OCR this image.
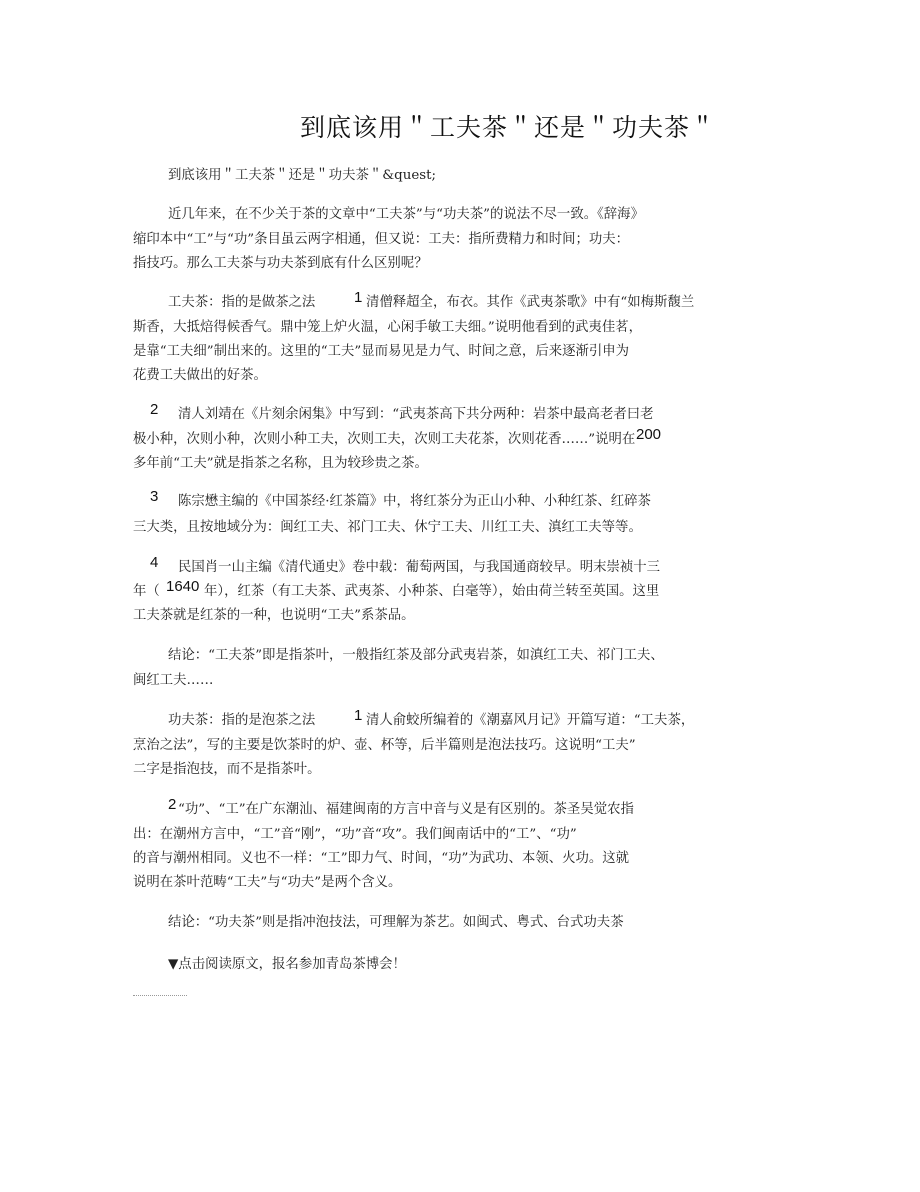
到底该用＂工夫茶＂还是＂功夫茶＂
到底该用＂工夫茶＂还是＂功夫茶＂&quest;
近几年来，在不少关于茶的文章中“工夫茶”与“功夫茶”的说法不尽一致。《辞海》
缩印本中“工”与“功”条目虽云两字相通，但又说：工夫：指所费精力和时间；功夫：
指技巧。那么工夫茶与功夫茶到底有什么区别呢？
工夫茶：指的是做茶之法	1 清僧释超全，布衣。其作《武夷茶歌》中有“如梅斯馥兰
斯香，大抵焙得候香气。鼎中笼上炉火温，心闲手敏工夫细。”说明他看到的武夷佳茗，
是靠“工夫细”制出来的。这里的“工夫”显而易见是力气、时间之意，后来逐渐引申为
花费工夫做出的好茶。
2 清人刘靖在《片刻余闲集》中写到：“武夷茶高下共分两种：岩茶中最高老者曰老
极小种，次则小种，次则小种工夫，次则工夫，次则工夫花茶，次则花香……”说明在 200
多年前“工夫”就是指茶之名称，且为较珍贵之茶。
3 陈宗懋主编的《中国茶经·红茶篇》中，将红茶分为正山小种、小种红茶、红碎茶
三大类，且按地域分为：闽红工夫、祁门工夫、休宁工夫、川红工夫、滇红工夫等等。
4 民国肖一山主编《清代通史》卷中载：葡萄两国，与我国通商较早。明末崇祯十三
年（ 1640 年），红茶（有工夫茶、武夷茶、小种茶、白毫等），始由荷兰转至英国。这里
工夫茶就是红茶的一种，也说明“工夫”系茶品。
结论：“工夫茶”即是指茶叶，一般指红茶及部分武夷岩茶，如滇红工夫、祁门工夫、
闽红工夫……
功夫茶：指的是泡茶之法	1 清人俞蛟所编着的《潮嘉风月记》开篇写道：“工夫茶，
烹治之法”，写的主要是饮茶时的炉、壶、杯等，后半篇则是泡法技巧。这说明“工夫”
二字是指泡技，而不是指茶叶。
2 “功”、“工”在广东潮汕、福建闽南的方言中音与义是有区别的。茶圣吴觉农指
出：在潮州方言中，“工”音“刚”，“功”音“攻”。我们闽南话中的“工”、“功”
的音与潮州相同。义也不一样：“工”即力气、时间，“功”为武功、本领、火功。这就
说明在茶叶范畴“工夫”与“功夫”是两个含义。
结论：“功夫茶”则是指冲泡技法，可理解为茶艺。如闽式、粤式、台式功夫茶
▼点击阅读原文，报名参加青岛茶博会！
